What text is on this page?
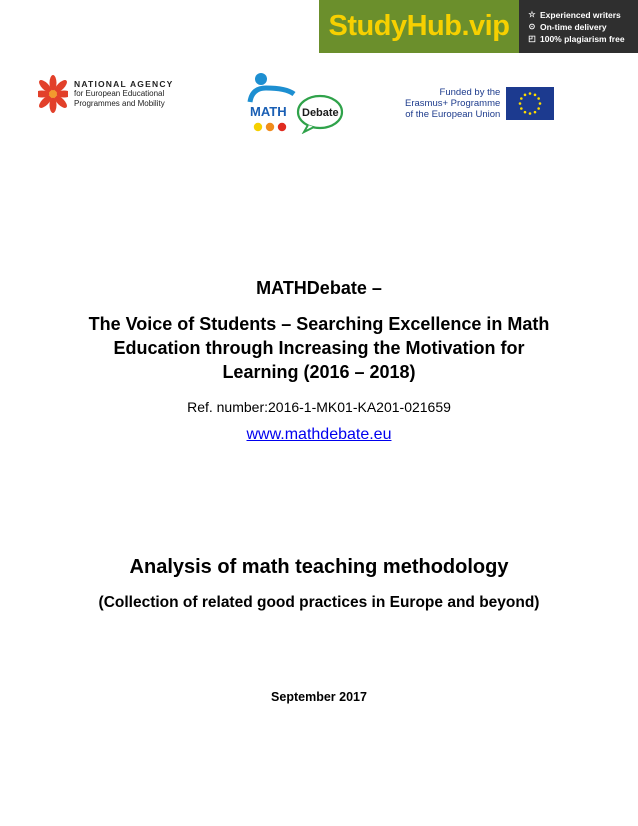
StudyHub.vip	☆ Experienced writers
⊙ On-time delivery
◰ 100% plagiarism free
NATIONAL AGENCY
for European Educational
Programmes and Mobility
MATH Debate
Funded by the
Erasmus+ Programme
of the European Union
MATHDebate –
The Voice of Students – Searching Excellence in Math
Education through Increasing the Motivation for
Learning (2016 – 2018)
Ref. number:2016-1-MK01-KA201-021659
www.mathdebate.eu
Analysis of math teaching methodology
(Collection of related good practices in Europe and beyond)
September 2017
